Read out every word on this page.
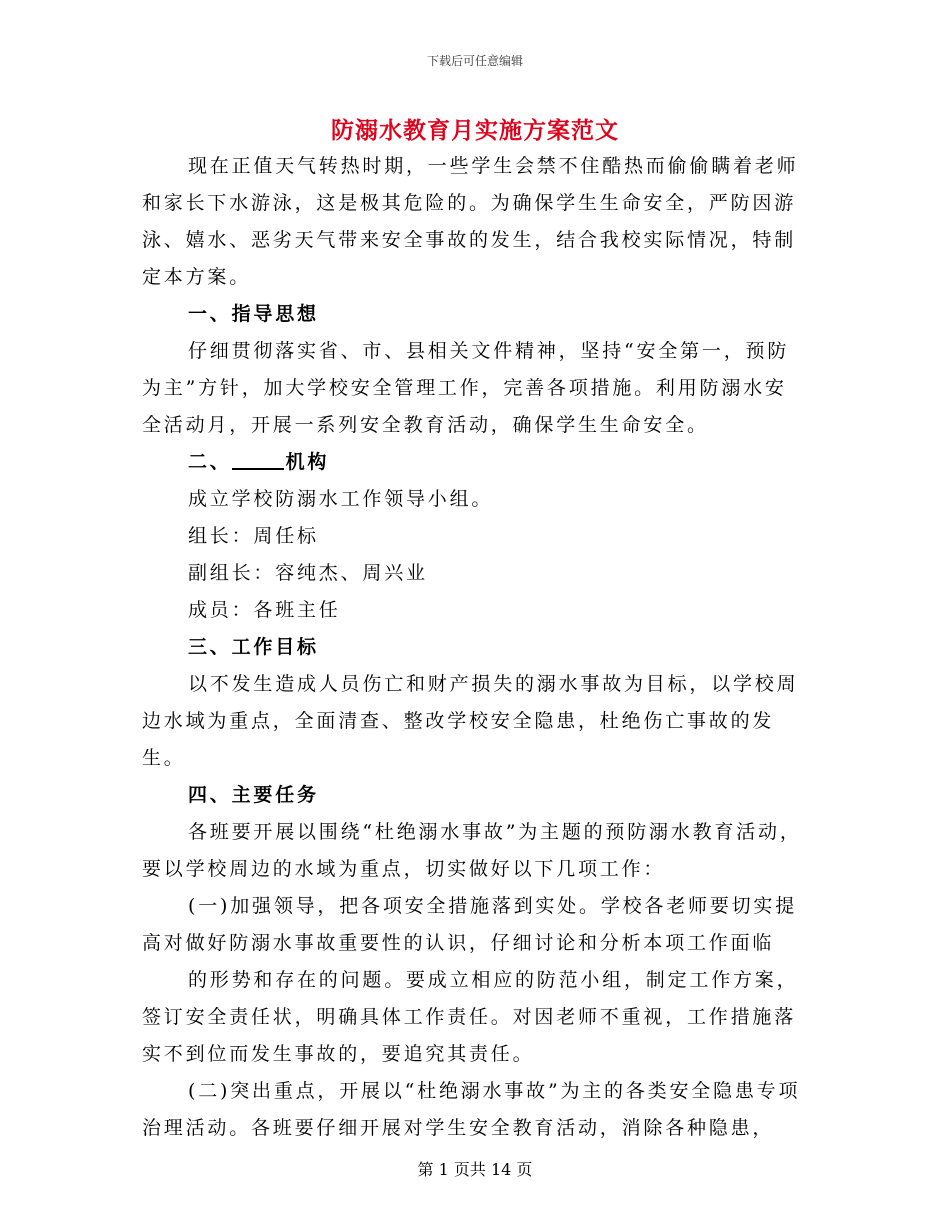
下载后可任意编辑
防溺水教育月实施方案范文

现在正值天气转热时期，一些学生会禁不住酷热而偷偷瞒着老师和家长下水游泳，这是极其危险的。为确保学生生命安全，严防因游泳、嬉水、恶劣天气带来安全事故的发生，结合我校实际情况，特制定本方案。

一、指导思想

仔细贯彻落实省、市、县相关文件精神，坚持“安全第一，预防为主”方针，加大学校安全管理工作，完善各项措施。利用防溺水安全活动月，开展一系列安全教育活动，确保学生生命安全。

二、	机构

成立学校防溺水工作领导小组。

组长：周任标

副组长：容纯杰、周兴业

成员：各班主任

三、工作目标

以不发生造成人员伤亡和财产损失的溺水事故为目标，以学校周边水域为重点，全面清查、整改学校安全隐患，杜绝伤亡事故的发生。

四、主要任务

各班要开展以围绕“杜绝溺水事故”为主题的预防溺水教育活动，要以学校周边的水域为重点，切实做好以下几项工作：

(一)加强领导，把各项安全措施落到实处。学校各老师要切实提高对做好防溺水事故重要性的认识，仔细讨论和分析本项工作面临

的形势和存在的问题。要成立相应的防范小组，制定工作方案，签订安全责任状，明确具体工作责任。对因老师不重视，工作措施落实不到位而发生事故的，要追究其责任。

(二)突出重点，开展以“杜绝溺水事故”为主的各类安全隐患专项治理活动。各班要仔细开展对学生安全教育活动，消除各种隐患，

第 1 页共 14 页
